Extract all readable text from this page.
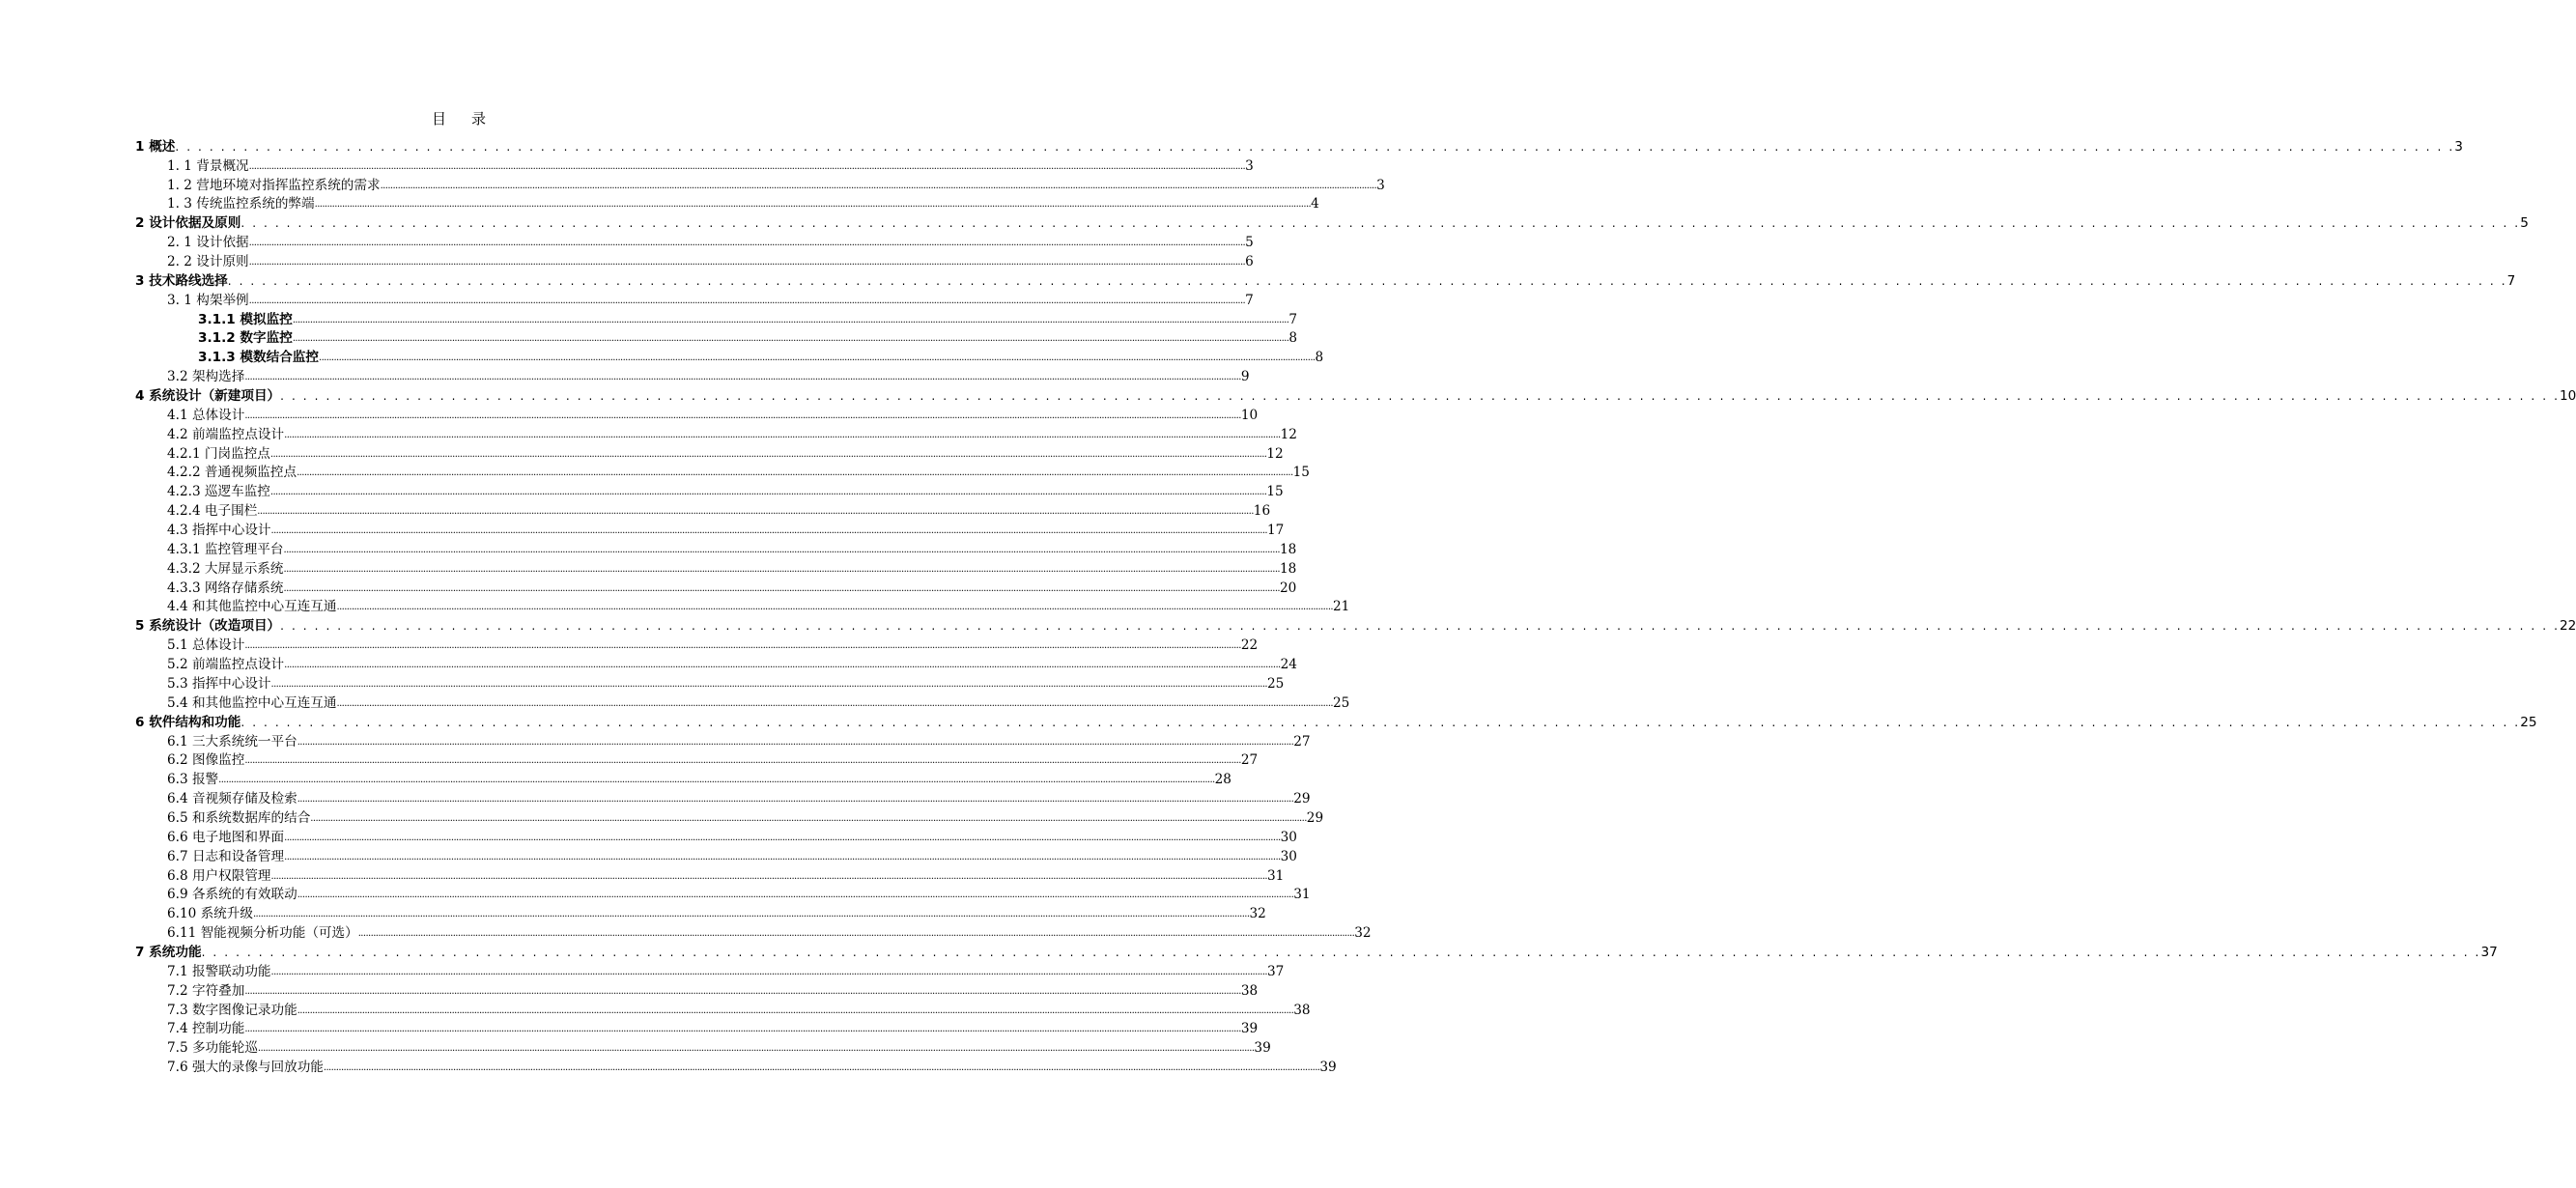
目 录
1 概述 . . . . . . . . . . . . . . . . . . . . . . . . . . . . . . . . . . . . . . . . . . . . . . . . . . . . . . . . . . . . . . . . . . . . . . . . . . . . . . . . . . . . . . . . . . . . . . . . . . . . . . . . . . . . . . . . . . . . . . . . . . . . . . . . . . . . . . . . . . . . . . . . . . . . . . . . . . . . . . . . . . . . . . . . . . . . . . . . . . . . . . . . . . . . . . . . . . . . . . . . 3
1. 1 背景概况 ................................................................................................................................................................................................................................................................................................................................................................................................................ 3
1. 2 营地环境对指挥监控系统的需求 ................................................................................................................................................................................................................................................................................................................................................................................................................ 3
1. 3 传统监控系统的弊端 ................................................................................................................................................................................................................................................................................................................................................................................................................ 4
2 设计依据及原则 . . . . . . . . . . . . . . . . . . . . . . . . . . . . . . . . . . . . . . . . . . . . . . . . . . . . . . . . . . . . . . . . . . . . . . . . . . . . . . . . . . . . . . . . . . . . . . . . . . . . . . . . . . . . . . . . . . . . . . . . . . . . . . . . . . . . . . . . . . . . . . . . . . . . . . . . . . . . . . . . . . . . . . . . . . . . . . . . . . . . . . . . . . . . . . . . . . . . . . . . 5
2. 1 设计依据 ................................................................................................................................................................................................................................................................................................................................................................................................................ 5
2. 2 设计原则 ................................................................................................................................................................................................................................................................................................................................................................................................................ 6
3 技术路线选择 . . . . . . . . . . . . . . . . . . . . . . . . . . . . . . . . . . . . . . . . . . . . . . . . . . . . . . . . . . . . . . . . . . . . . . . . . . . . . . . . . . . . . . . . . . . . . . . . . . . . . . . . . . . . . . . . . . . . . . . . . . . . . . . . . . . . . . . . . . . . . . . . . . . . . . . . . . . . . . . . . . . . . . . . . . . . . . . . . . . . . . . . . . . . . . . . . . . . . . . . 7
3. 1 构架举例 ................................................................................................................................................................................................................................................................................................................................................................................................................ 7
3.1.1 模拟监控 ................................................................................................................................................................................................................................................................................................................................................................................................................ 7
3.1.2 数字监控 ................................................................................................................................................................................................................................................................................................................................................................................................................ 8
3.1.3 模数结合监控 ................................................................................................................................................................................................................................................................................................................................................................................................................ 8
3.2 架构选择 ................................................................................................................................................................................................................................................................................................................................................................................................................ 9
4 系统设计（新建项目） . . . . . . . . . . . . . . . . . . . . . . . . . . . . . . . . . . . . . . . . . . . . . . . . . . . . . . . . . . . . . . . . . . . . . . . . . . . . . . . . . . . . . . . . . . . . . . . . . . . . . . . . . . . . . . . . . . . . . . . . . . . . . . . . . . . . . . . . . . . . . . . . . . . . . . . . . . . . . . . . . . . . . . . . . . . . . . . . . . . . . . . . . . . . . . . . . . . . . . . . 10
4.1 总体设计 ................................................................................................................................................................................................................................................................................................................................................................................................................ 10
4.2 前端监控点设计 ................................................................................................................................................................................................................................................................................................................................................................................................................ 12
4.2.1 门岗监控点 ................................................................................................................................................................................................................................................................................................................................................................................................................ 12
4.2.2 普通视频监控点 ................................................................................................................................................................................................................................................................................................................................................................................................................ 15
4.2.3 巡逻车监控 ................................................................................................................................................................................................................................................................................................................................................................................................................ 15
4.2.4 电子围栏 ................................................................................................................................................................................................................................................................................................................................................................................................................ 16
4.3 指挥中心设计 ................................................................................................................................................................................................................................................................................................................................................................................................................ 17
4.3.1 监控管理平台 ................................................................................................................................................................................................................................................................................................................................................................................................................ 18
4.3.2 大屏显示系统 ................................................................................................................................................................................................................................................................................................................................................................................................................ 18
4.3.3 网络存储系统 ................................................................................................................................................................................................................................................................................................................................................................................................................ 20
4.4 和其他监控中心互连互通 ................................................................................................................................................................................................................................................................................................................................................................................................................ 21
5 系统设计（改造项目） . . . . . . . . . . . . . . . . . . . . . . . . . . . . . . . . . . . . . . . . . . . . . . . . . . . . . . . . . . . . . . . . . . . . . . . . . . . . . . . . . . . . . . . . . . . . . . . . . . . . . . . . . . . . . . . . . . . . . . . . . . . . . . . . . . . . . . . . . . . . . . . . . . . . . . . . . . . . . . . . . . . . . . . . . . . . . . . . . . . . . . . . . . . . . . . . . . . . . . . . 22
5.1 总体设计 ................................................................................................................................................................................................................................................................................................................................................................................................................ 22
5.2 前端监控点设计 ................................................................................................................................................................................................................................................................................................................................................................................................................ 24
5.3 指挥中心设计 ................................................................................................................................................................................................................................................................................................................................................................................................................ 25
5.4 和其他监控中心互连互通 ................................................................................................................................................................................................................................................................................................................................................................................................................ 25
6 软件结构和功能 . . . . . . . . . . . . . . . . . . . . . . . . . . . . . . . . . . . . . . . . . . . . . . . . . . . . . . . . . . . . . . . . . . . . . . . . . . . . . . . . . . . . . . . . . . . . . . . . . . . . . . . . . . . . . . . . . . . . . . . . . . . . . . . . . . . . . . . . . . . . . . . . . . . . . . . . . . . . . . . . . . . . . . . . . . . . . . . . . . . . . . . . . . . . . . . . . . . . . . . . 25
6.1 三大系统统一平台 ................................................................................................................................................................................................................................................................................................................................................................................................................ 27
6.2 图像监控 ................................................................................................................................................................................................................................................................................................................................................................................................................ 27
6.3 报警 ................................................................................................................................................................................................................................................................................................................................................................................................................ 28
6.4 音视频存储及检索 ................................................................................................................................................................................................................................................................................................................................................................................................................ 29
6.5 和系统数据库的结合 ................................................................................................................................................................................................................................................................................................................................................................................................................ 29
6.6 电子地图和界面 ................................................................................................................................................................................................................................................................................................................................................................................................................ 30
6.7 日志和设备管理 ................................................................................................................................................................................................................................................................................................................................................................................................................ 30
6.8 用户权限管理 ................................................................................................................................................................................................................................................................................................................................................................................................................ 31
6.9 各系统的有效联动 ................................................................................................................................................................................................................................................................................................................................................................................................................ 31
6.10 系统升级 ................................................................................................................................................................................................................................................................................................................................................................................................................ 32
6.11 智能视频分析功能（可选） ................................................................................................................................................................................................................................................................................................................................................................................................................ 32
7 系统功能 . . . . . . . . . . . . . . . . . . . . . . . . . . . . . . . . . . . . . . . . . . . . . . . . . . . . . . . . . . . . . . . . . . . . . . . . . . . . . . . . . . . . . . . . . . . . . . . . . . . . . . . . . . . . . . . . . . . . . . . . . . . . . . . . . . . . . . . . . . . . . . . . . . . . . . . . . . . . . . . . . . . . . . . . . . . . . . . . . . . . . . . . . . . . . . . . . . . . . . . . 37
7.1 报警联动功能 ................................................................................................................................................................................................................................................................................................................................................................................................................ 37
7.2 字符叠加 ................................................................................................................................................................................................................................................................................................................................................................................................................ 38
7.3 数字图像记录功能 ................................................................................................................................................................................................................................................................................................................................................................................................................ 38
7.4 控制功能 ................................................................................................................................................................................................................................................................................................................................................................................................................ 39
7.5 多功能轮巡 ................................................................................................................................................................................................................................................................................................................................................................................................................ 39
7.6 强大的录像与回放功能 ................................................................................................................................................................................................................................................................................................................................................................................................................ 39
